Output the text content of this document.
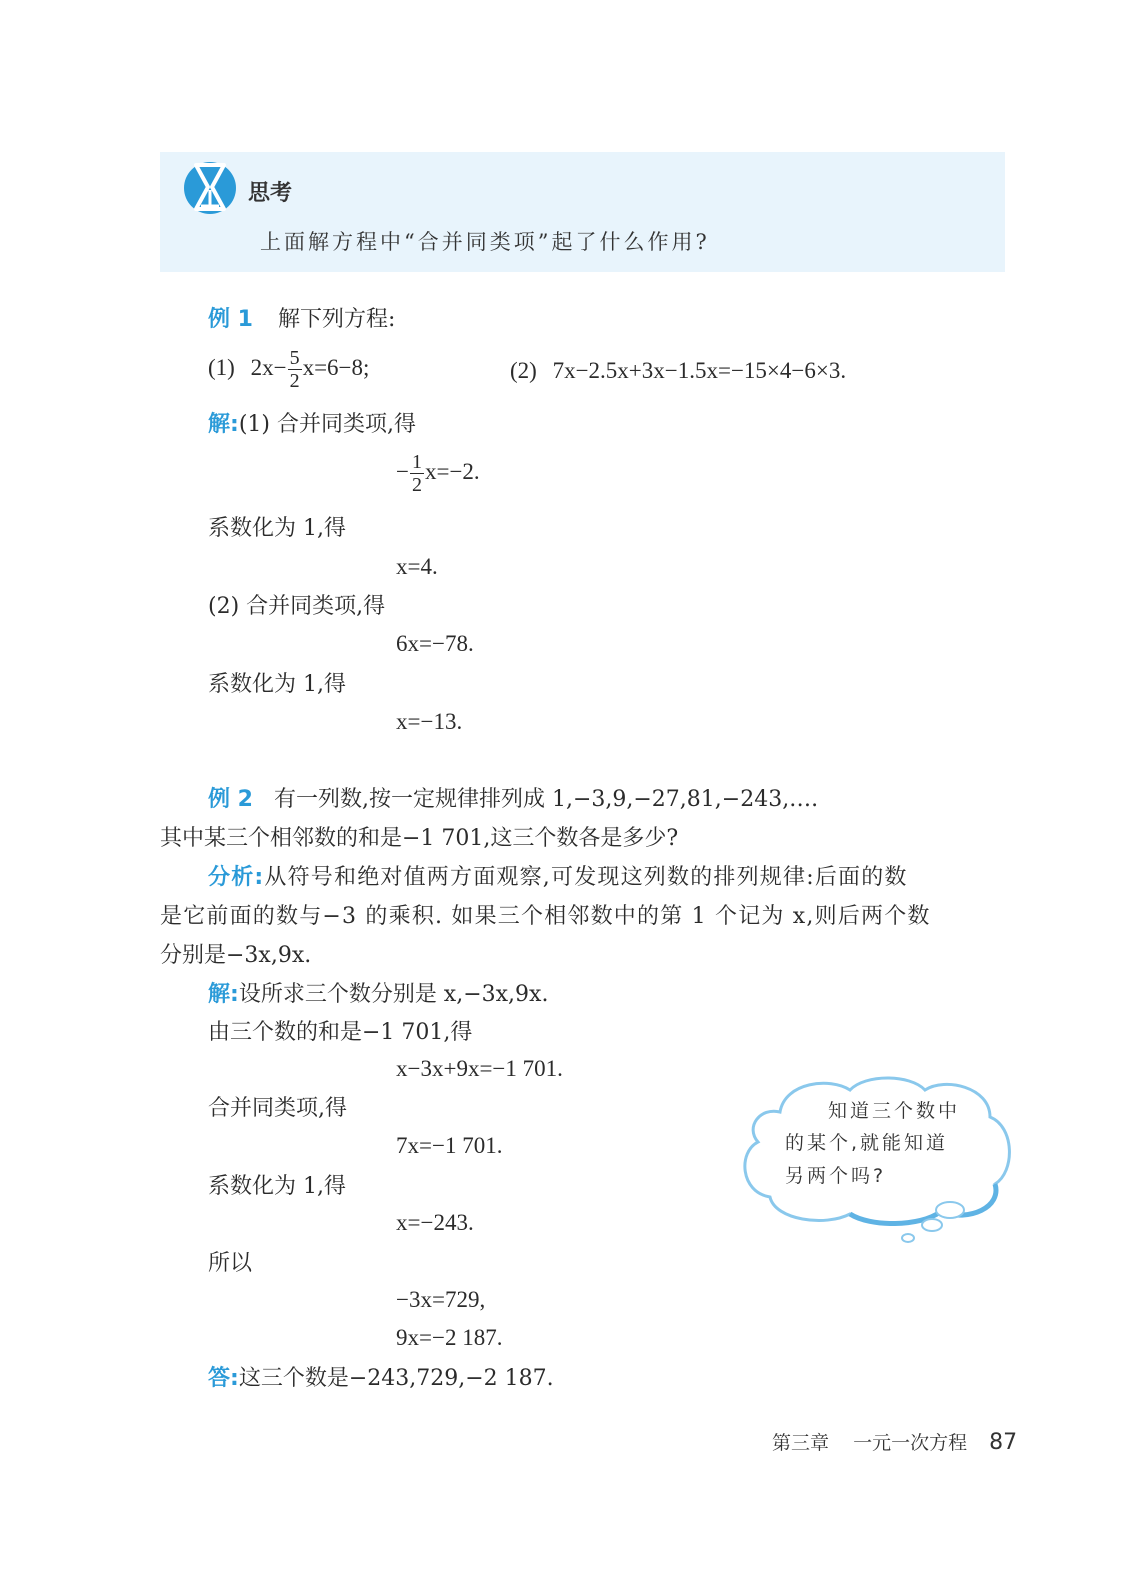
思考
上面解方程中“合并同类项”起了什么作用?
例 1 解下列方程:
(1) $2x- \frac{5}{2} x=6-8$;	(2) 7x−2.5x+3x−1.5x=−15×4−6×3.
解:(1) 合并同类项,得
− $\frac{1}{2} x=-2$.
系数化为 1,得
x=4.
(2) 合并同类项,得
6x=−78.
系数化为 1,得
x=−13.
例 2 有一列数,按一定规律排列成 1,−3,9,−27,81,−243,….
其中某三个相邻数的和是−1 701,这三个数各是多少?
分析:从符号和绝对值两方面观察,可发现这列数的排列规律:后面的数
是它前面的数与−3 的乘积. 如果三个相邻数中的第 1 个记为 x,则后两个数
分别是−3x,9x.
解:设所求三个数分别是 x,−3x,9x.
由三个数的和是−1 701,得
x−3x+9x=−1 701.
合并同类项,得
7x=−1 701.
系数化为 1,得
x=−243.
所以
−3x=729,
9x=−2 187.
答:这三个数是−243,729,−2 187.
知道三个数中
的某个,就能知道
另两个吗?
第三章 一元一次方程 87
